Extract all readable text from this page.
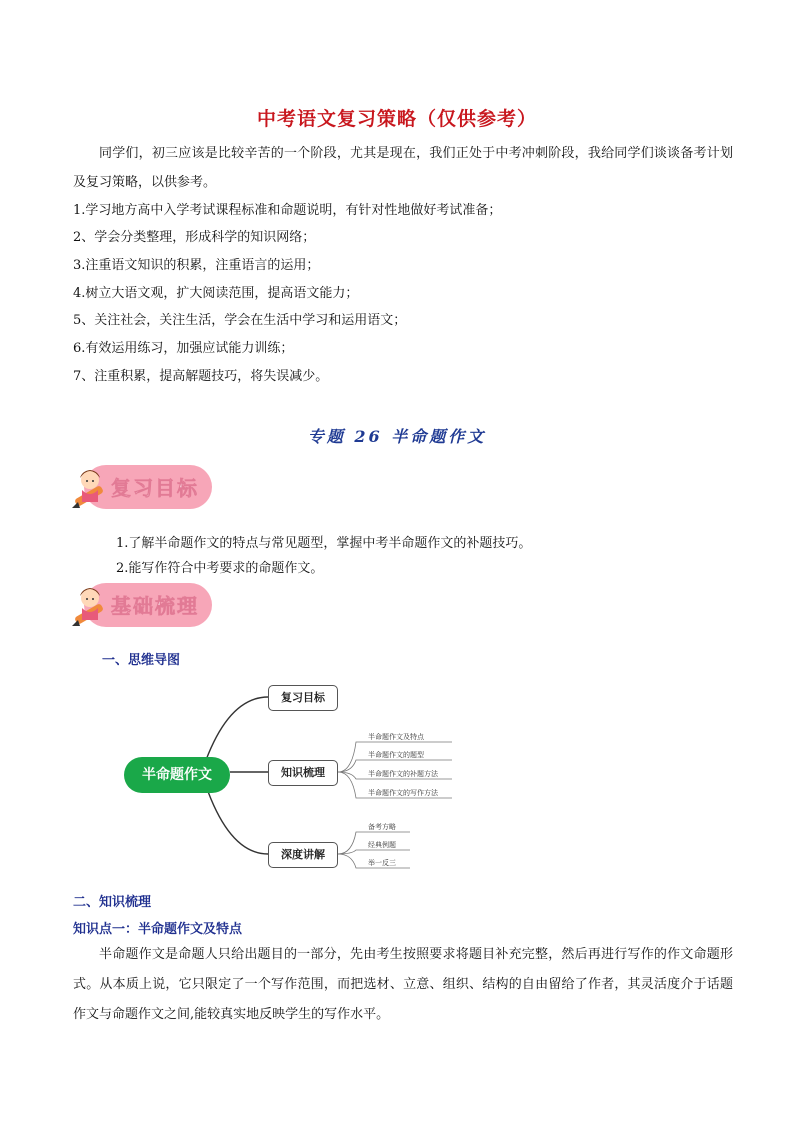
中考语文复习策略（仅供参考）
同学们，初三应该是比较辛苦的一个阶段，尤其是现在，我们正处于中考冲刺阶段，我给同学们谈谈备考计划及复习策略，以供参考。
1.学习地方高中入学考试课程标准和命题说明，有针对性地做好考试准备；
2、学会分类整理，形成科学的知识网络；
3.注重语文知识的积累，注重语言的运用；
4.树立大语文观，扩大阅读范围，提高语文能力；
5、关注社会，关注生活，学会在生活中学习和运用语文；
6.有效运用练习，加强应试能力训练；
7、注重积累，提高解题技巧，将失误减少。
专题 26 半命题作文
复习目标
1.了解半命题作文的特点与常见题型，掌握中考半命题作文的补题技巧。
2.能写作符合中考要求的命题作文。
基础梳理
一、思维导图
半命题作文
复习目标
知识梳理
深度讲解
半命题作文及特点
半命题作文的题型
半命题作文的补题方法
半命题作文的写作方法
备考方略
经典例题
举一反三
二、知识梳理
知识点一：半命题作文及特点
半命题作文是命题人只给出题目的一部分，先由考生按照要求将题目补充完整，然后再进行写作的作文命题形式。从本质上说，它只限定了一个写作范围，而把选材、立意、组织、结构的自由留给了作者，其灵活度介于话题作文与命题作文之间,能较真实地反映学生的写作水平。
